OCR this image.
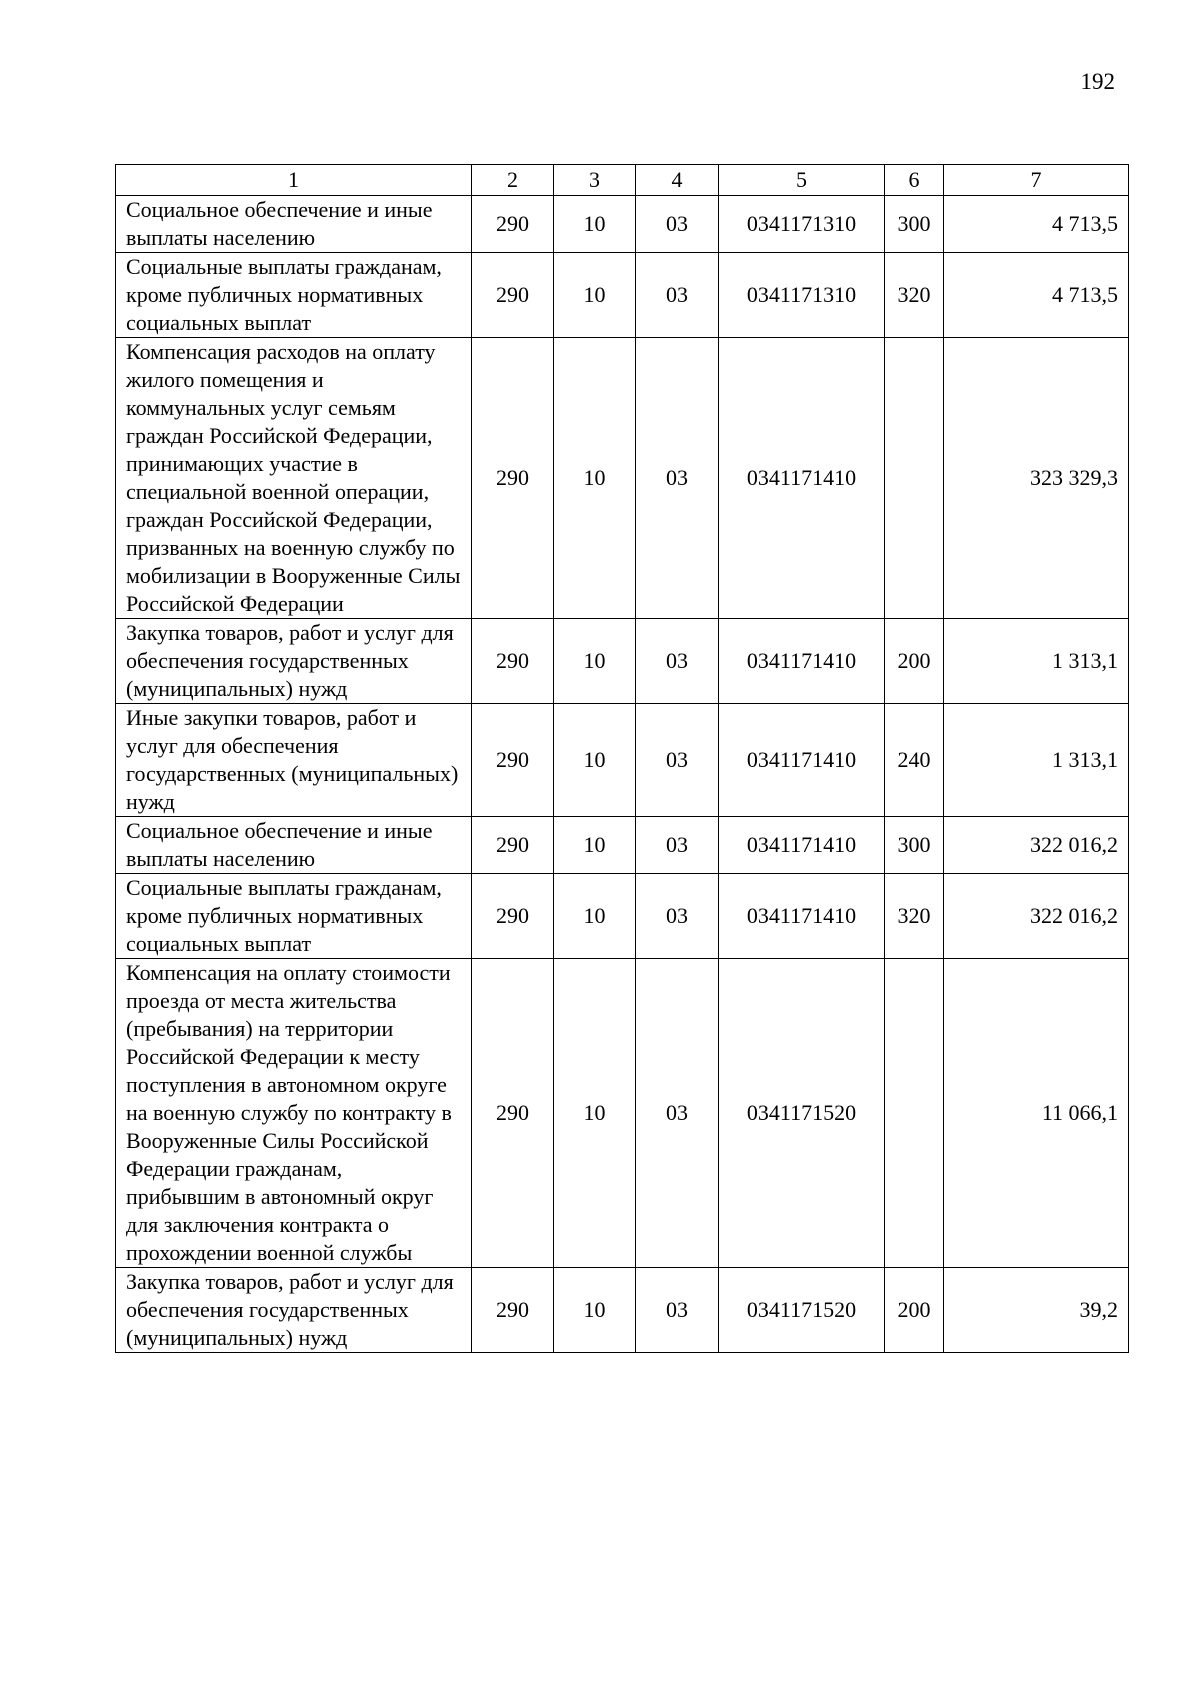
192
1	2	3	4	5	6	7
Социальное обеспечение и иные выплаты населению	290	10	03	0341171310	300	4 713,5
Социальные выплаты гражданам, кроме публичных нормативных социальных выплат	290	10	03	0341171310	320	4 713,5
Компенсация расходов на оплату жилого помещения и коммунальных услуг семьям граждан Российской Федерации, принимающих участие в специальной военной операции, граждан Российской Федерации, призванных на военную службу по мобилизации в Вооруженные Силы Российской Федерации	290	10	03	0341171410		323 329,3
Закупка товаров, работ и услуг для обеспечения государственных (муниципальных) нужд	290	10	03	0341171410	200	1 313,1
Иные закупки товаров, работ и услуг для обеспечения государственных (муниципальных) нужд	290	10	03	0341171410	240	1 313,1
Социальное обеспечение и иные выплаты населению	290	10	03	0341171410	300	322 016,2
Социальные выплаты гражданам, кроме публичных нормативных социальных выплат	290	10	03	0341171410	320	322 016,2
Компенсация на оплату стоимости проезда от места жительства (пребывания) на территории Российской Федерации к месту поступления в автономном округе на военную службу по контракту в Вооруженные Силы Российской Федерации гражданам, прибывшим в автономный округ для заключения контракта о прохождении военной службы	290	10	03	0341171520		11 066,1
Закупка товаров, работ и услуг для обеспечения государственных (муниципальных) нужд	290	10	03	0341171520	200	39,2
